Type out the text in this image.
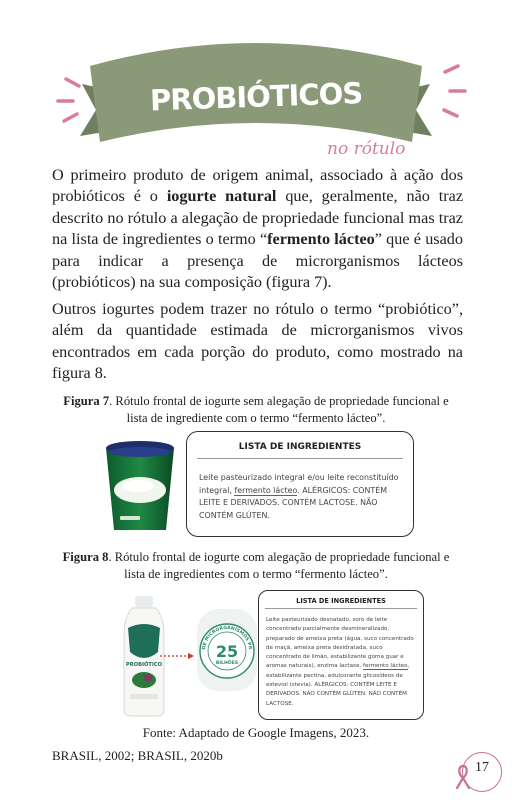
PROBIÓTICOS
no rótulo

O primeiro produto de origem animal, associado à ação dos probióticos é o iogurte natural que, geralmente, não traz descrito no rótulo a alegação de propriedade funcional mas traz na lista de ingredientes o termo “fermento lácteo” que é usado para indicar a presença de microrganismos lácteos (probióticos) na sua composição (figura 7).

Outros iogurtes podem trazer no rótulo o termo “probiótico”, além da quantidade estimada de microrganismos vivos encontrados em cada porção do produto, como mostrado na figura 8.

Figura 7. Rótulo frontal de iogurte sem alegação de propriedade funcional e lista de ingrediente com o termo “fermento lácteo”.

LISTA DE INGREDIENTES
Leite pasteurizado integral e/ou leite reconstituído integral, fermento lácteo. ALÉRGICOS: CONTÉM LEITE E DERIVADOS. CONTÉM LACTOSE. NÃO CONTÉM GLÚTEN.

Figura 8. Rótulo frontal de iogurte com alegação de propriedade funcional e lista de ingredientes com o termo “fermento lácteo”.

PROBIÓTICO
DE MICRORGANISMOS PR
25
BILHÕES
LISTA DE INGREDIENTES
Leite pasteurizado desnatado, soro de leite concentrado parcialmente desmineralizado, preparado de ameixa preta (água, suco concentrado de maçã, ameixa preta desidratada, suco concentrado de limão, estabilizante goma guar e aromas naturais), enzima lactase, fermento lácteo, estabilizante pectina, edulcorante glicosídeos de esteviol (stevia). ALÉRGICOS: CONTÉM LEITE E DERIVADOS. NÃO CONTÉM GLÚTEN. NÃO CONTÉM LACTOSE.

Fonte: Adaptado de Google Imagens, 2023.

BRASIL, 2002; BRASIL, 2020b

17
